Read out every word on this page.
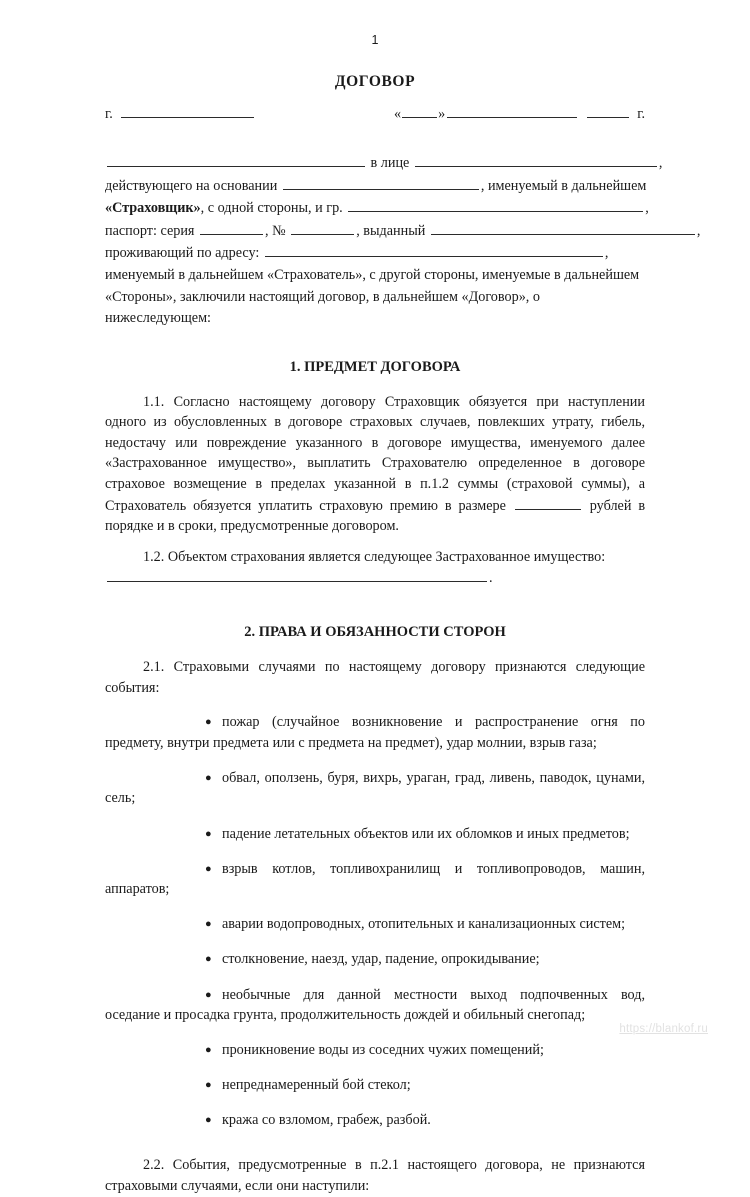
1
ДОГОВОР
г.	«	»	г.
в лице	,
действующего на основании	, именуемый в дальнейшем
«Страховщик», с одной стороны, и гр.	,
паспорт: серия	, №	, выданный	,
проживающий по адресу:	,
именуемый в дальнейшем «Страхователь», с другой стороны, именуемые в дальнейшем «Стороны», заключили настоящий договор, в дальнейшем «Договор», о нижеследующем:
1. ПРЕДМЕТ ДОГОВОРА

1.1. Согласно настоящему договору Страховщик обязуется при наступлении одного из обусловленных в договоре страховых случаев, повлекших утрату, гибель, недостачу или повреждение указанного в договоре имущества, именуемого далее «Застрахованное имущество», выплатить Страхователю определенное в договоре страховое возмещение в пределах указанной в п.1.2 суммы (страховой суммы), а Страхователь обязуется уплатить страховую премию в размере	рублей в порядке и в сроки, предусмотренные договором.

1.2. Объектом страхования является следующее Застрахованное имущество:

.

2. ПРАВА И ОБЯЗАННОСТИ СТОРОН

2.1. Страховыми случаями по настоящему договору признаются следующие события:

● пожар (случайное возникновение и распространение огня по предмету, внутри предмета или с предмета на предмет), удар молнии, взрыв газа;
● обвал, оползень, буря, вихрь, ураган, град, ливень, паводок, цунами, сель;
● падение летательных объектов или их обломков и иных предметов;
● взрыв котлов, топливохранилищ и топливопроводов, машин, аппаратов;
● аварии водопроводных, отопительных и канализационных систем;
● столкновение, наезд, удар, падение, опрокидывание;
● необычные для данной местности выход подпочвенных вод, оседание и просадка грунта, продолжительность дождей и обильный снегопад;
● проникновение воды из соседних чужих помещений;
● непреднамеренный бой стекол;
● кража со взломом, грабеж, разбой.

2.2. События, предусмотренные в п.2.1 настоящего договора, не признаются страховыми случаями, если они наступили:

https://blankof.ru
